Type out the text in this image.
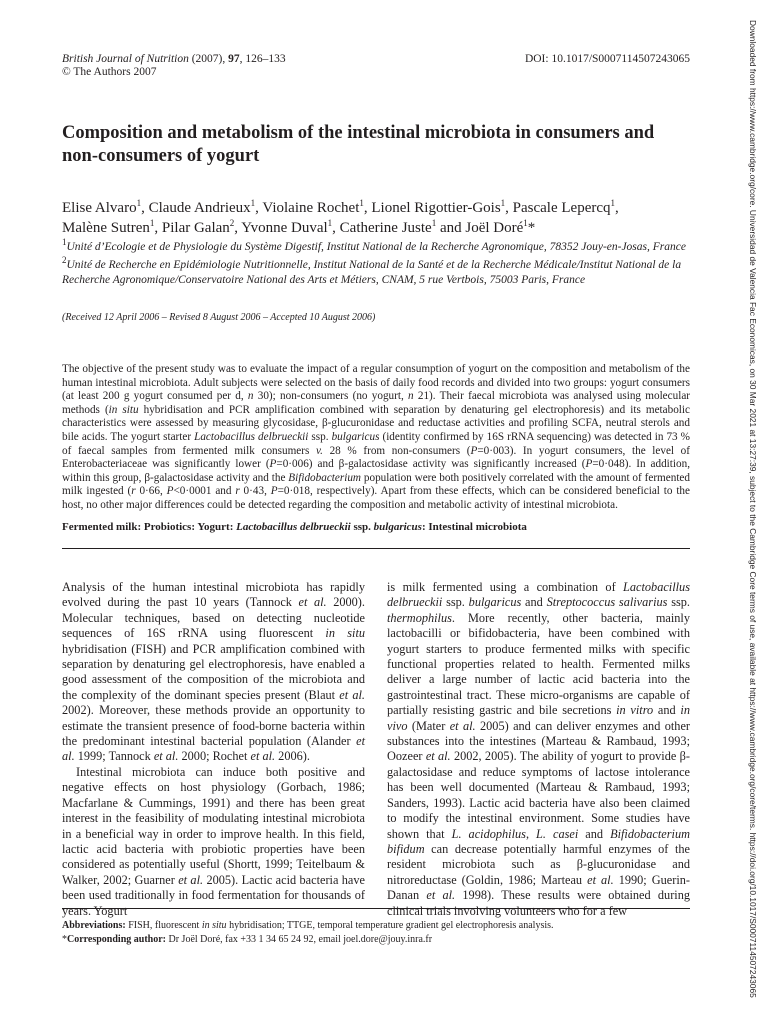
British Journal of Nutrition (2007), 97, 126–133
© The Authors 2007
DOI: 10.1017/S0007114507243065
Composition and metabolism of the intestinal microbiota in consumers and non-consumers of yogurt
Elise Alvaro$^1$, Claude Andrieux$^1$, Violaine Rochet$^1$, Lionel Rigottier-Gois$^1$, Pascale Lepercq$^1$,
Malène Sutren$^1$, Pilar Galan$^2$, Yvonne Duval$^1$, Catherine Juste$^1$ and Joël Doré$^1$*

$^1$Unité d’Ecologie et de Physiologie du Système Digestif, Institut National de la Recherche Agronomique, 78352 Jouy-en-Josas, France

$^2$Unité de Recherche en Epidémiologie Nutritionnelle, Institut National de la Santé et de la Recherche Médicale/Institut National de la Recherche Agronomique/Conservatoire National des Arts et Métiers, CNAM, 5 rue Vertbois, 75003 Paris, France

(Received 12 April 2006 – Revised 8 August 2006 – Accepted 10 August 2006)
The objective of the present study was to evaluate the impact of a regular consumption of yogurt on the composition and metabolism of the human intestinal microbiota. Adult subjects were selected on the basis of daily food records and divided into two groups: yogurt consumers (at least 200 g yogurt consumed per d, n 30); non-consumers (no yogurt, n 21). Their faecal microbiota was analysed using molecular methods (in situ hybridisation and PCR amplification combined with separation by denaturing gel electrophoresis) and its metabolic characteristics were assessed by measuring glycosidase, β-glucuronidase and reductase activities and profiling SCFA, neutral sterols and bile acids. The yogurt starter Lactobacillus delbrueckii ssp. bulgaricus (identity confirmed by 16S rRNA sequencing) was detected in 73 % of faecal samples from fermented milk consumers v. 28 % from non-consumers (P=0·003). In yogurt consumers, the level of Enterobacteriaceae was significantly lower (P=0·006) and β-galactosidase activity was significantly increased (P=0·048). In addition, within this group, β-galactosidase activity and the Bifidobacterium population were both positively correlated with the amount of fermented milk ingested (r 0·66, P<0·0001 and r 0·43, P=0·018, respectively). Apart from these effects, which can be considered beneficial to the host, no other major differences could be detected regarding the composition and metabolic activity of intestinal microbiota.
Fermented milk: Probiotics: Yogurt: Lactobacillus delbrueckii ssp. bulgaricus: Intestinal microbiota

Analysis of the human intestinal microbiota has rapidly evolved during the past 10 years (Tannock et al. 2000). Molecular techniques, based on detecting nucleotide sequences of 16S rRNA using fluorescent in situ hybridisation (FISH) and PCR amplification combined with separation by denaturing gel electrophoresis, have enabled a good assessment of the composition of the microbiota and the complexity of the dominant species present (Blaut et al. 2002). Moreover, these methods provide an opportunity to estimate the transient presence of food-borne bacteria within the predominant intestinal bacterial population (Alander et al. 1999; Tannock et al. 2000; Rochet et al. 2006).

Intestinal microbiota can induce both positive and negative effects on host physiology (Gorbach, 1986; Macfarlane & Cummings, 1991) and there has been great interest in the feasibility of modulating intestinal microbiota in a beneficial way in order to improve health. In this field, lactic acid bacteria with probiotic properties have been considered as potentially useful (Shortt, 1999; Teitelbaum & Walker, 2002; Guarner et al. 2005). Lactic acid bacteria have been used traditionally in food fermentation for thousands of years. Yogurt

is milk fermented using a combination of Lactobacillus delbrueckii ssp. bulgaricus and Streptococcus salivarius ssp. thermophilus. More recently, other bacteria, mainly lactobacilli or bifidobacteria, have been combined with yogurt starters to produce fermented milks with specific functional properties related to health. Fermented milks deliver a large number of lactic acid bacteria into the gastrointestinal tract. These micro-organisms are capable of partially resisting gastric and bile secretions in vitro and in vivo (Mater et al. 2005) and can deliver enzymes and other substances into the intestines (Marteau & Rambaud, 1993; Oozeer et al. 2002, 2005). The ability of yogurt to provide β-galactosidase and reduce symptoms of lactose intolerance has been well documented (Marteau & Rambaud, 1993; Sanders, 1993). Lactic acid bacteria have also been claimed to modify the intestinal environment. Some studies have shown that L. acidophilus, L. casei and Bifidobacterium bifidum can decrease potentially harmful enzymes of the resident microbiota such as β-glucuronidase and nitroreductase (Goldin, 1986; Marteau et al. 1990; Guerin-Danan et al. 1998). These results were obtained during clinical trials involving volunteers who for a few

Abbreviations: FISH, fluorescent in situ hybridisation; TTGE, temporal temperature gradient gel electrophoresis analysis.

*Corresponding author: Dr Joël Doré, fax +33 1 34 65 24 92, email joel.dore@jouy.inra.fr	Downloaded from https://www.cambridge.org/core. Universidad de Valencia Fac Economicas, on 30 Mar 2021 at 13:27:39, subject to the Cambridge Core terms of use, available at https://www.cambridge.org/core/terms. https://doi.org/10.1017/S0007114507243065
